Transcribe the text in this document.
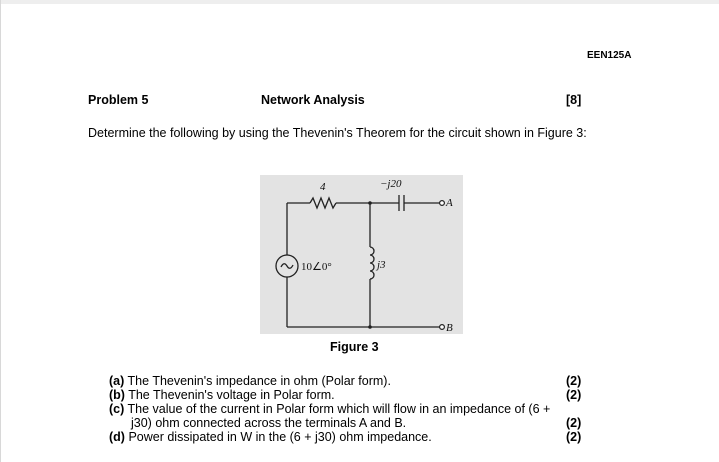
EEN125A
Problem 5	Network Analysis	[8]
Determine the following by using the Thevenin's Theorem for the circuit shown in Figure 3:
4	−j20
A
B
j3
10∠0°
Figure 3
(a) The Thevenin's impedance in ohm (Polar form).	(2)
(b) The Thevenin's voltage in Polar form.	(2)
(c) The value of the current in Polar form which will flow in an impedance of (6 +
j30) ohm connected across the terminals A and B.	(2)
(d) Power dissipated in W in the (6 + j30) ohm impedance.	(2)
